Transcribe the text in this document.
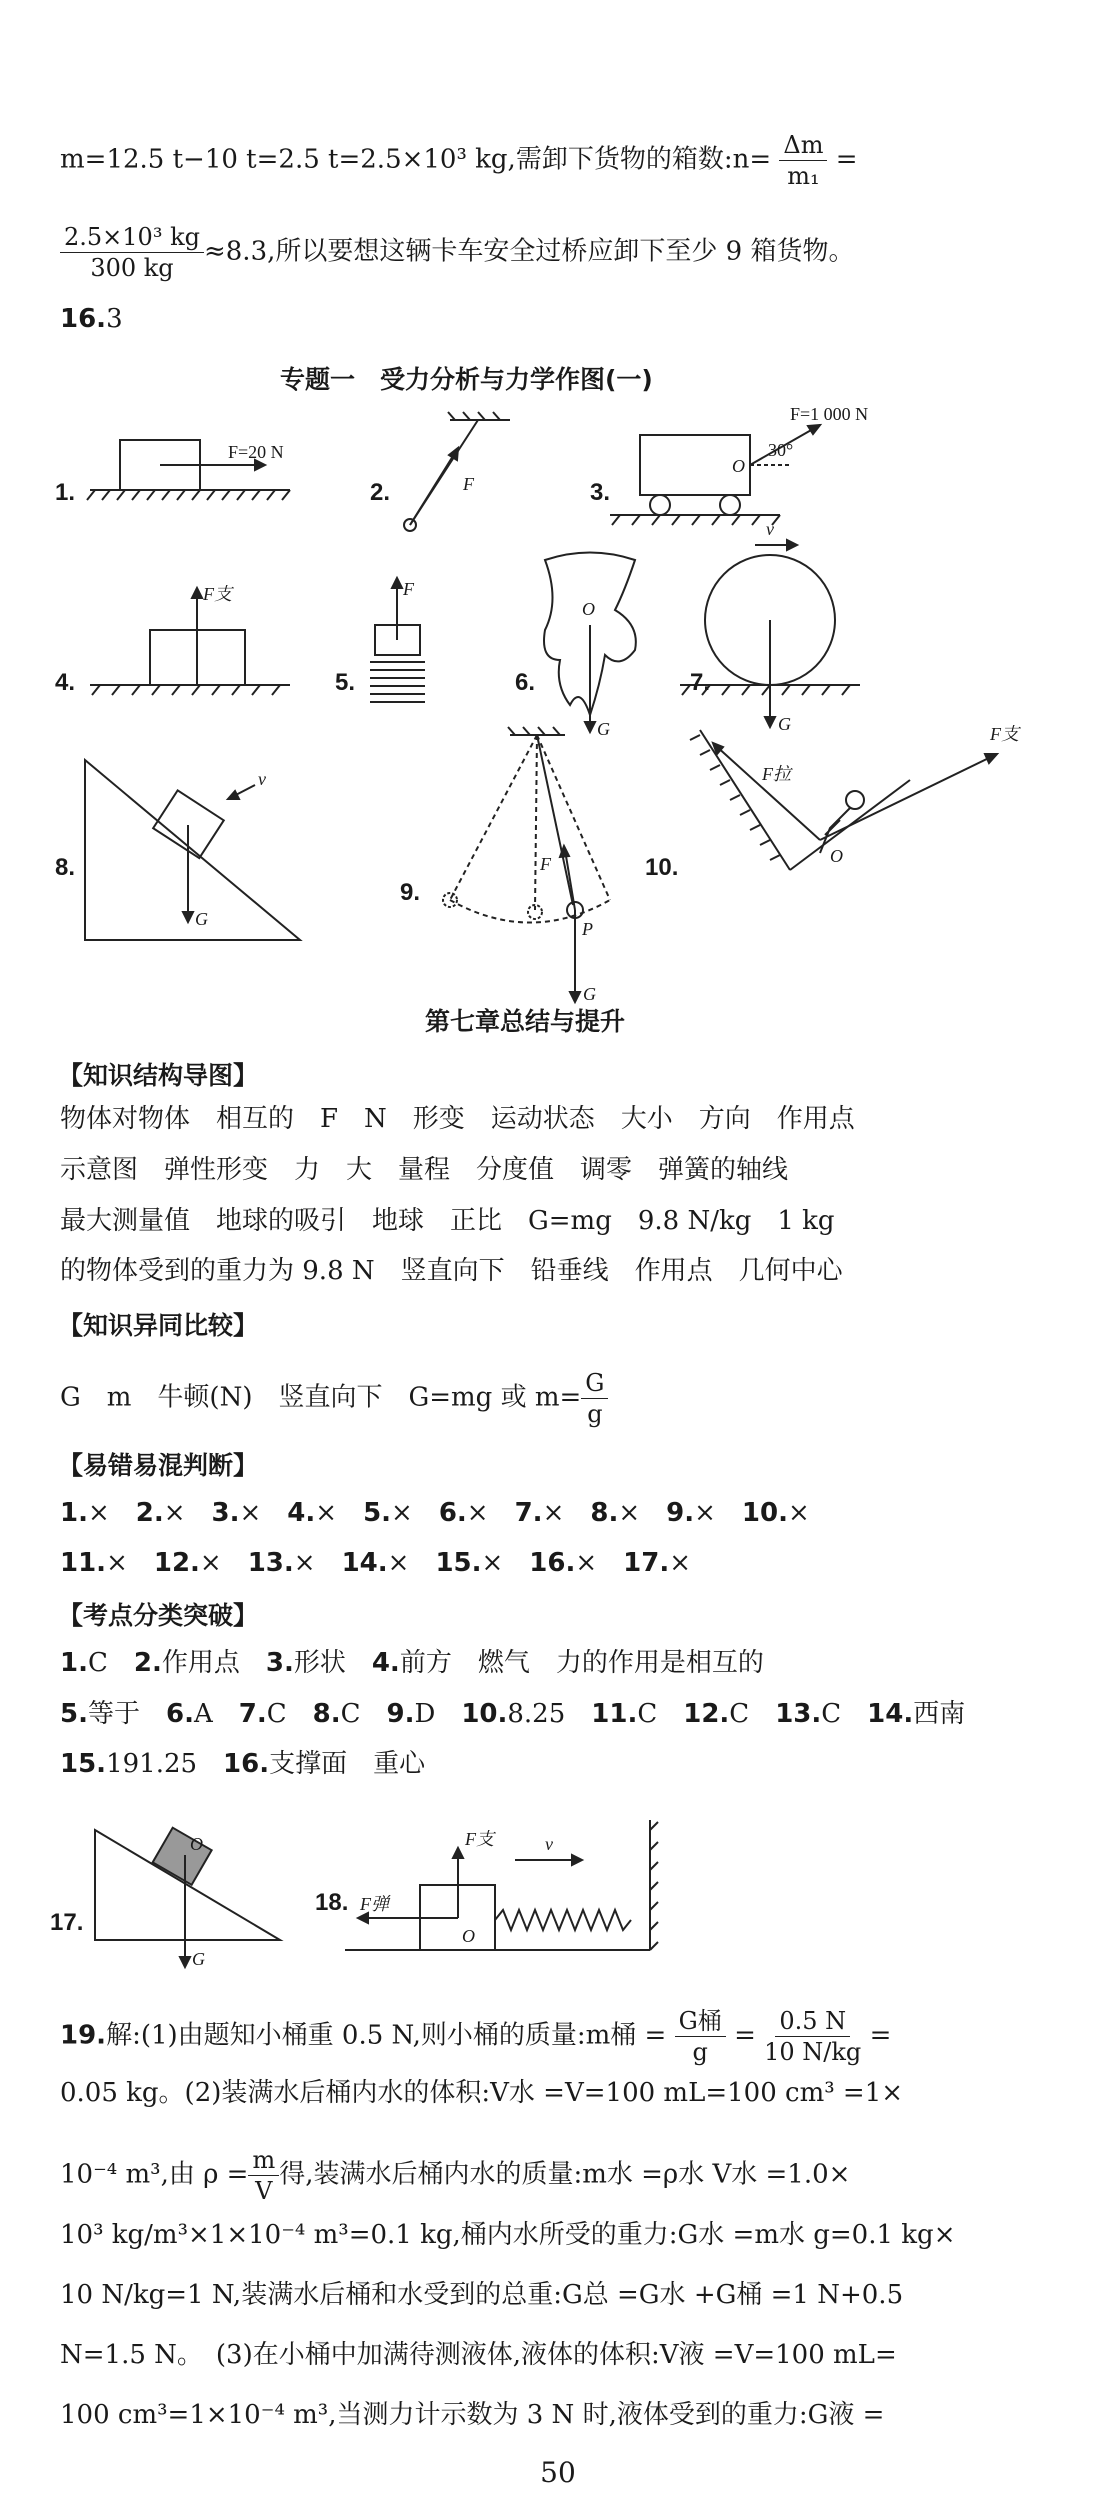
m=12.5 t−10 t=2.5 t=2.5×10³ kg,需卸下货物的箱数:n= $\frac{\Delta m}{\text{m₁}}$ =
$\frac{\text{2.5×10³ kg}}{300 kg} \approx 8.3$,所以要想这辆卡车安全过桥应卸下至少 9 箱货物。
16.3
专题一　受力分析与力学作图(一)
1.
F=20 N
2.	F	3.
F=1 000 N
O
30°
4.
F支
5.
F
6.
O
G
7.
v
G
8.
v
G
9.
F
P
G
10.
F拉
F支
O
第七章总结与提升
【知识结构导图】
物体对物体　相互的　F　N　形变　运动状态　大小　方向　作用点
示意图　弹性形变　力　大　量程　分度值　调零　弹簧的轴线
最大测量值　地球的吸引　地球　正比　G=mg　9.8 N/kg　1 kg
的物体受到的重力为 9.8 N　竖直向下　铅垂线　作用点　几何中心
【知识异同比较】
G　m　牛顿(N)　竖直向下　G=mg 或 $m= \frac{G}{g}$
【易错易混判断】
1.× 2.× 3.× 4.× 5.× 6.× 7.× 8.× 9.× 10.×
11.× 12.× 13.× 14.× 15.× 16.× 17.×
【考点分类突破】
1.C 2.作用点 3.形状 4.前方　燃气　力的作用是相互的
5.等于 6.A 7.C 8.C 9.D 10.8.25 11.C 12.C 13.C 14.西南
15.191.25 16.支撑面　重心
17.
O
G
18.
F支	v
F弹
O
19.解:(1)由题知小桶重 0.5 N,则小桶的质量:m桶 = $\frac{\text{G桶}}{g} = \frac{0.5 N}{10 N/kg}$ =
0.05 kg。(2)装满水后桶内水的体积:V水 =V=100 mL=100 cm³ =1×
10⁻⁴ m³,由 $\rho = \frac{m}{V}$ 得,装满水后桶内水的质量:m水 =ρ水 V水 =1.0×
10³ kg/m³×1×10⁻⁴ m³=0.1 kg,桶内水所受的重力:G水 =m水 g=0.1 kg×
10 N/kg=1 N,装满水后桶和水受到的总重:G总 =G水 +G桶 =1 N+0.5
N=1.5 N。　(3)在小桶中加满待测液体,液体的体积:V液 =V=100 mL=
100 cm³=1×10⁻⁴ m³,当测力计示数为 3 N 时,液体受到的重力:G液 =
50
